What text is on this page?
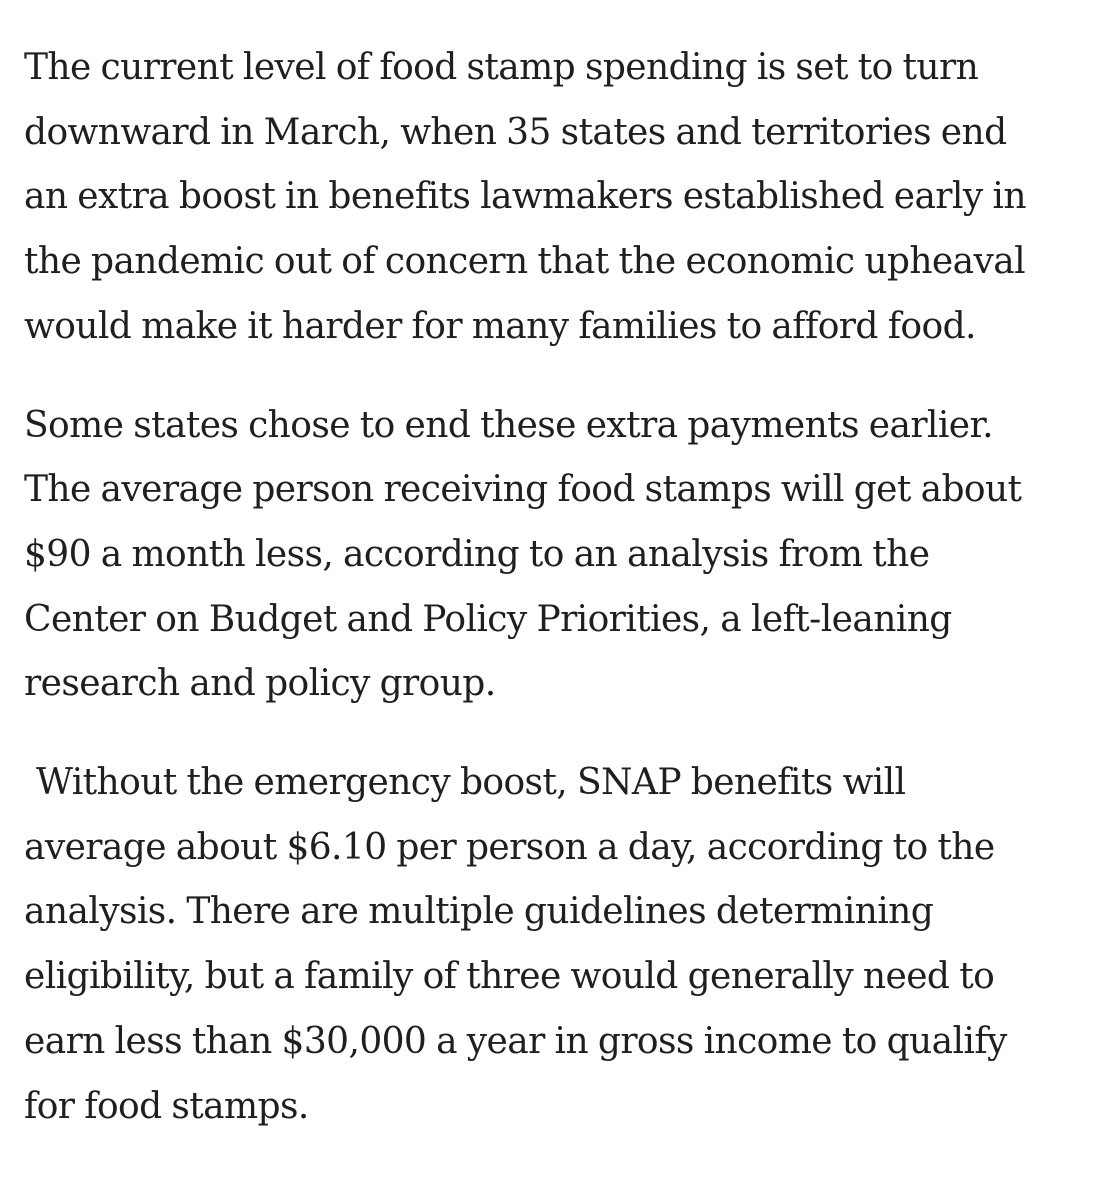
The current level of food stamp spending is set to turn
downward in March, when 35 states and territories end
an extra boost in benefits lawmakers established early in
the pandemic out of concern that the economic upheaval
would make it harder for many families to afford food.

Some states chose to end these extra payments earlier.
The average person receiving food stamps will get about
$90 a month less, according to an analysis from the
Center on Budget and Policy Priorities, a left-leaning
research and policy group.

Without the emergency boost, SNAP benefits will
average about $6.10 per person a day, according to the
analysis. There are multiple guidelines determining
eligibility, but a family of three would generally need to
earn less than $30,000 a year in gross income to qualify
for food stamps.
